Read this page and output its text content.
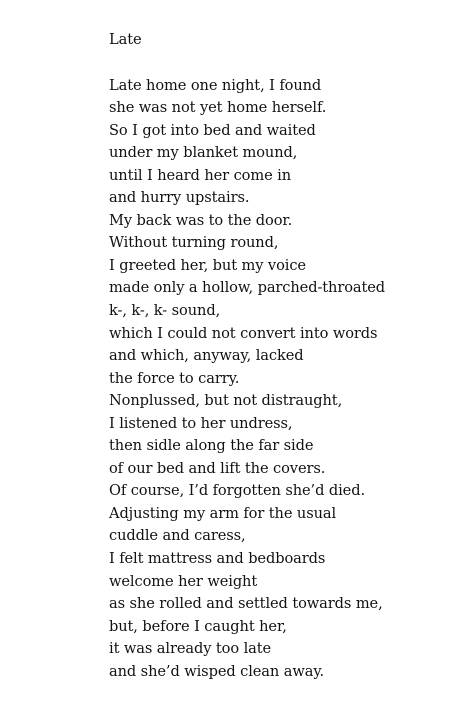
Late
Late home one night, I found
she was not yet home herself.
So I got into bed and waited
under my blanket mound,
until I heard her come in
and hurry upstairs.
My back was to the door.
Without turning round,
I greeted her, but my voice
made only a hollow, parched-throated
k-, k-, k- sound,
which I could not convert into words
and which, anyway, lacked
the force to carry.
Nonplussed, but not distraught,
I listened to her undress,
then sidle along the far side
of our bed and lift the covers.
Of course, I’d forgotten she’d died.
Adjusting my arm for the usual
cuddle and caress,
I felt mattress and bedboards
welcome her weight
as she rolled and settled towards me,
but, before I caught her,
it was already too late
and she’d wisped clean away.
